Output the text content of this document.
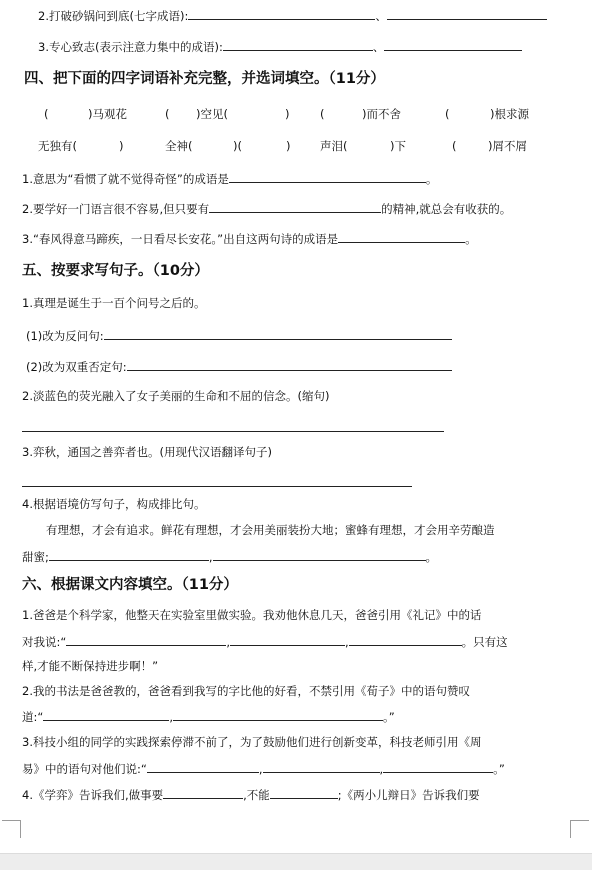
2.打破砂锅问到底(七字成语):	、
3.专心致志(表示注意力集中的成语):	、
四、把下面的四字词语补充完整，并选词填空。（11分）
(	)马观花	( )空见(	)	(	)而不舍	(	)根求源
无独有(	)	全神(	)(	)	声泪(	)下	(	)屑不屑
1.意思为“看惯了就不觉得奇怪”的成语是	。
2.要学好一门语言很不容易,但只要有	的精神,就总会有收获的。
3.“春风得意马蹄疾，一日看尽长安花。”出自这两句诗的成语是	。
五、按要求写句子。（10分）
1.真理是诞生于一百个问号之后的。
(1)改为反问句:
(2)改为双重否定句:
2.淡蓝色的荧光融入了女子美丽的生命和不屈的信念。(缩句)
3.弈秋，通国之善弈者也。(用现代汉语翻译句子)
4.根据语境仿写句子，构成排比句。
有理想，才会有追求。鲜花有理想，才会用美丽装扮大地；蜜蜂有理想，才会用辛劳酿造
甜蜜;	,	。
六、根据课文内容填空。（11分）
1.爸爸是个科学家，他整天在实验室里做实验。我劝他休息几天，爸爸引用《礼记》中的话
对我说:“	,	,	。只有这
样,才能不断保持进步啊！”
2.我的书法是爸爸教的，爸爸看到我写的字比他的好看，不禁引用《荀子》中的语句赞叹
道:“	,	。”
3.科技小组的同学的实践探索停滞不前了，为了鼓励他们进行创新变革，科技老师引用《周
易》中的语句对他们说:“	,	,	。”
4.《学弈》告诉我们,做事要	,不能	;《两小儿辩日》告诉我们要
